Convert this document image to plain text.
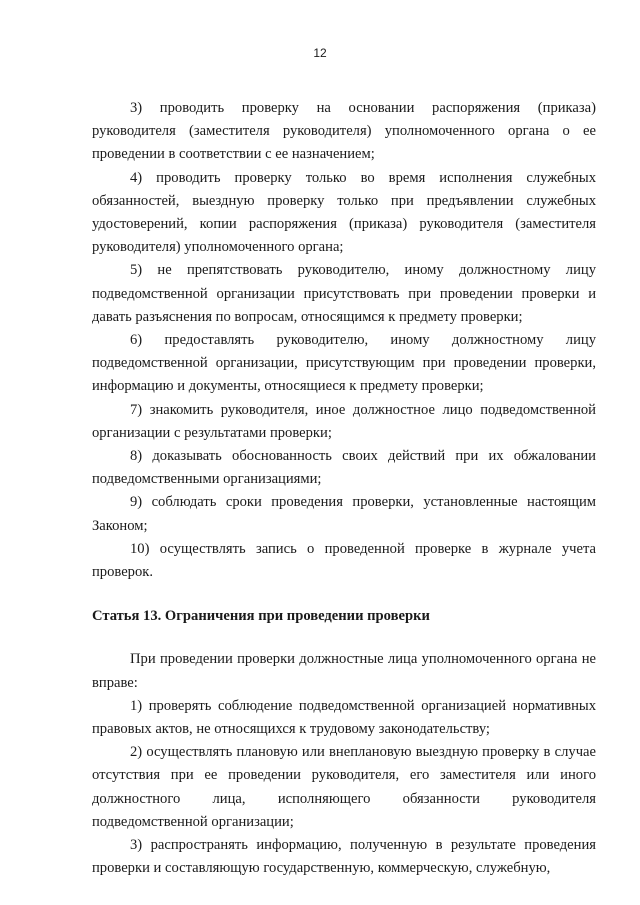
12

3) проводить проверку на основании распоряжения (приказа) руководителя (заместителя руководителя) уполномоченного органа о ее проведении в соответствии с ее назначением;

4) проводить проверку только во время исполнения служебных обязанностей, выездную проверку только при предъявлении служебных удостоверений, копии распоряжения (приказа) руководителя (заместителя руководителя) уполномоченного органа;

5) не препятствовать руководителю, иному должностному лицу подведомственной организации присутствовать при проведении проверки и давать разъяснения по вопросам, относящимся к предмету проверки;

6) предоставлять руководителю, иному должностному лицу подведомственной организации, присутствующим при проведении проверки, информацию и документы, относящиеся к предмету проверки;

7) знакомить руководителя, иное должностное лицо подведомственной организации с результатами проверки;

8) доказывать обоснованность своих действий при их обжаловании подведомственными организациями;

9) соблюдать сроки проведения проверки, установленные настоящим Законом;

10) осуществлять запись о проведенной проверке в журнале учета проверок.

Статья 13. Ограничения при проведении проверки

При проведении проверки должностные лица уполномоченного органа не вправе:

1) проверять соблюдение подведомственной организацией нормативных правовых актов, не относящихся к трудовому законодательству;

2) осуществлять плановую или внеплановую выездную проверку в случае отсутствия при ее проведении руководителя, его заместителя или иного должностного лица, исполняющего обязанности руководителя подведомственной организации;

3) распространять информацию, полученную в результате проведения проверки и составляющую государственную, коммерческую, служебную,
